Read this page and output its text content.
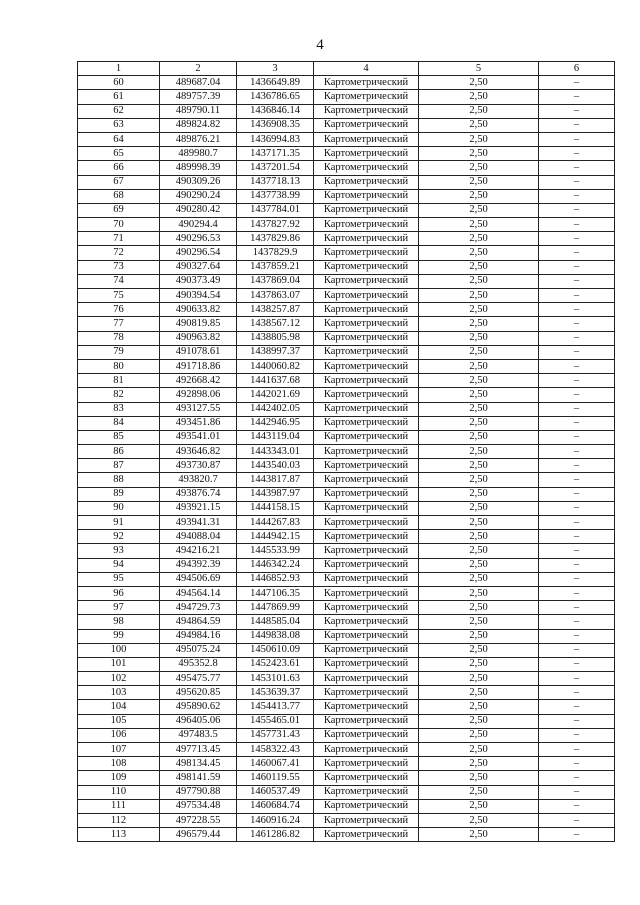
4
1	2	3	4	5	6
60	489687.04	1436649.89	Картометрический	2,50	–
61	489757.39	1436786.65	Картометрический	2,50	–
62	489790.11	1436846.14	Картометрический	2,50	–
63	489824.82	1436908.35	Картометрический	2,50	–
64	489876.21	1436994.83	Картометрический	2,50	–
65	489980.7	1437171.35	Картометрический	2,50	–
66	489998.39	1437201.54	Картометрический	2,50	–
67	490309.26	1437718.13	Картометрический	2,50	–
68	490290.24	1437738.99	Картометрический	2,50	–
69	490280.42	1437784.01	Картометрический	2,50	–
70	490294.4	1437827.92	Картометрический	2,50	–
71	490296.53	1437829.86	Картометрический	2,50	–
72	490296.54	1437829.9	Картометрический	2,50	–
73	490327.64	1437859.21	Картометрический	2,50	–
74	490373.49	1437869.04	Картометрический	2,50	–
75	490394.54	1437863.07	Картометрический	2,50	–
76	490633.82	1438257.87	Картометрический	2,50	–
77	490819.85	1438567.12	Картометрический	2,50	–
78	490963.82	1438805.98	Картометрический	2,50	–
79	491078.61	1438997.37	Картометрический	2,50	–
80	491718.86	1440060.82	Картометрический	2,50	–
81	492668.42	1441637.68	Картометрический	2,50	–
82	492898.06	1442021.69	Картометрический	2,50	–
83	493127.55	1442402.05	Картометрический	2,50	–
84	493451.86	1442946.95	Картометрический	2,50	–
85	493541.01	1443119.04	Картометрический	2,50	–
86	493646.82	1443343.01	Картометрический	2,50	–
87	493730.87	1443540.03	Картометрический	2,50	–
88	493820.7	1443817.87	Картометрический	2,50	–
89	493876.74	1443987.97	Картометрический	2,50	–
90	493921.15	1444158.15	Картометрический	2,50	–
91	493941.31	1444267.83	Картометрический	2,50	–
92	494088.04	1444942.15	Картометрический	2,50	–
93	494216.21	1445533.99	Картометрический	2,50	–
94	494392.39	1446342.24	Картометрический	2,50	–
95	494506.69	1446852.93	Картометрический	2,50	–
96	494564.14	1447106.35	Картометрический	2,50	–
97	494729.73	1447869.99	Картометрический	2,50	–
98	494864.59	1448585.04	Картометрический	2,50	–
99	494984.16	1449838.08	Картометрический	2,50	–
100	495075.24	1450610.09	Картометрический	2,50	–
101	495352.8	1452423.61	Картометрический	2,50	–
102	495475.77	1453101.63	Картометрический	2,50	–
103	495620.85	1453639.37	Картометрический	2,50	–
104	495890.62	1454413.77	Картометрический	2,50	–
105	496405.06	1455465.01	Картометрический	2,50	–
106	497483.5	1457731.43	Картометрический	2,50	–
107	497713.45	1458322.43	Картометрический	2,50	–
108	498134.45	1460067.41	Картометрический	2,50	–
109	498141.59	1460119.55	Картометрический	2,50	–
110	497790.88	1460537.49	Картометрический	2,50	–
111	497534.48	1460684.74	Картометрический	2,50	–
112	497228.55	1460916.24	Картометрический	2,50	–
113	496579.44	1461286.82	Картометрический	2,50	–
